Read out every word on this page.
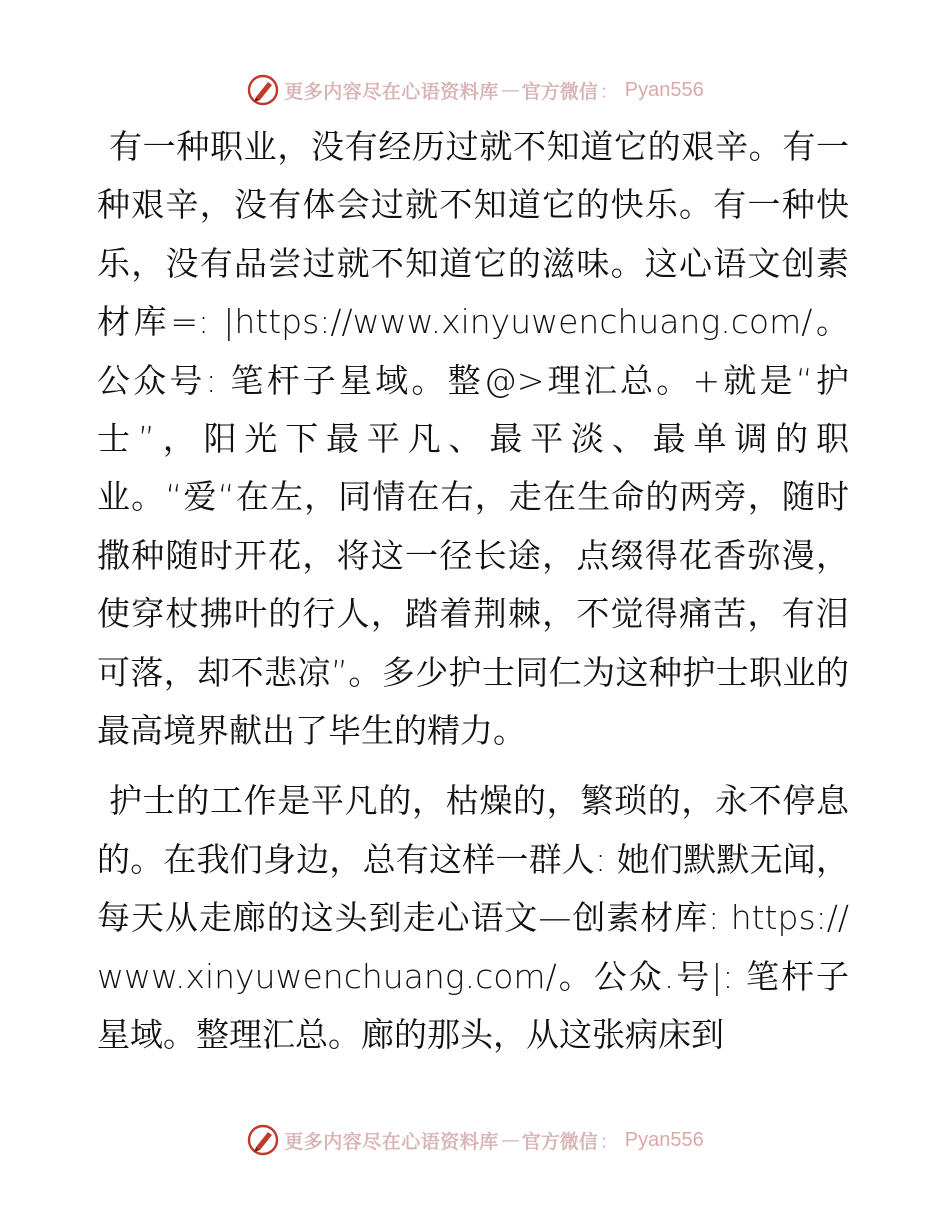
更多内容尽在心语资料库 — 官方微信 ： Pyan556

有一种职业，没有经历过就不知道它的艰辛。有一种艰辛，没有体会过就不知道它的快乐。有一种快乐，没有品尝过就不知道它的滋味。这心语文创素材库=: |https://www.xinyuwenchuang.com/。公众号: 笔杆子星域。整@>理汇总。+就是“护士”，阳光下最平凡、最平淡、最单调的职业。“爱“在左，同情在右，走在生命的两旁，随时撒种随时开花，将这一径长途，点缀得花香弥漫，使穿杖拂叶的行人，踏着荆棘，不觉得痛苦，有泪可落，却不悲凉”。多少护士同仁为这种护士职业的最高境界献出了毕生的精力。

护士的工作是平凡的，枯燥的，繁琐的，永不停息的。在我们身边，总有这样一群人: 她们默默无闻，每天从走廊的这头到走心语文—创素材库: https://www.xinyuwenchuang.com/。公众.号|: 笔杆子星域。整理汇总。廊的那头，从这张病床到

更多内容尽在心语资料库 — 官方微信 ： Pyan556
